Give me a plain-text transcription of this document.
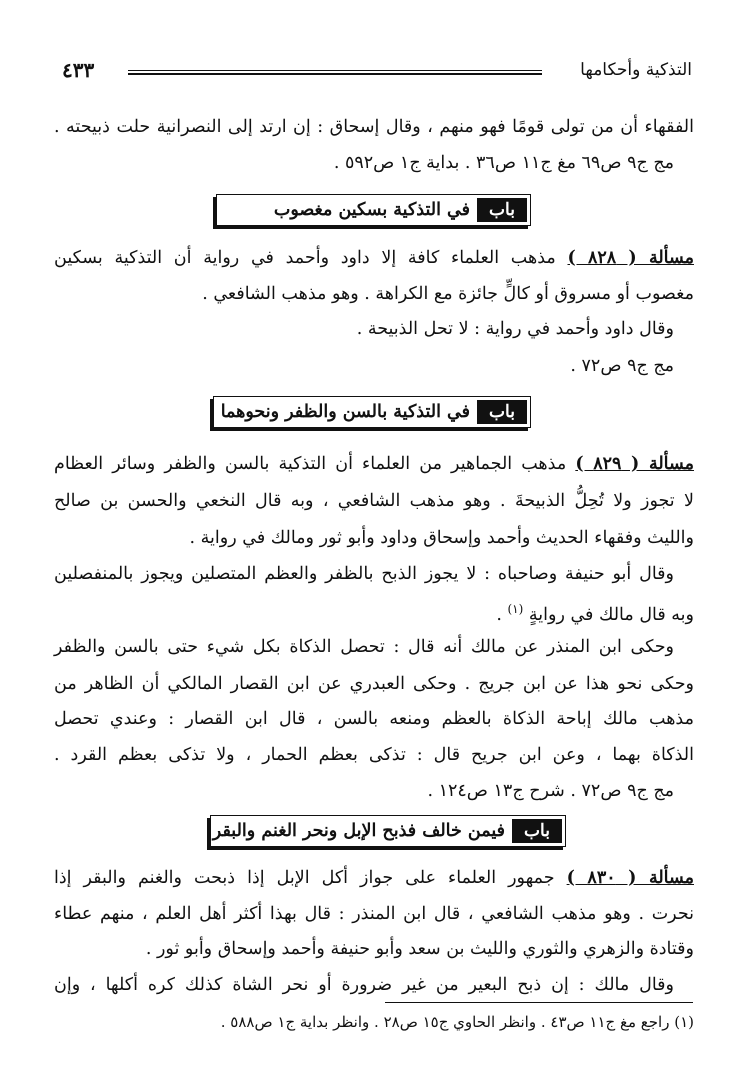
التذكية وأحكامها
٤٣٣
الفقهاء أن من تولى قومًا فهو منهم ، وقال إسحاق : إن ارتد إلى النصرانية حلت ذبيحته .
مج ج٩ ص٦٩ مغ ج١١ ص٣٦ . بداية ج١ ص٥٩٢ .
باب
في التذكية بسكين مغصوب
مسألة ( ٨٢٨ ) مذهب العلماء كافة إلا داود وأحمد في رواية أن التذكية بسكين
مغصوب أو مسروق أو كالٍّ جائزة مع الكراهة . وهو مذهب الشافعي .
وقال داود وأحمد في رواية : لا تحل الذبيحة .
مج ج٩ ص٧٢ .
باب
في التذكية بالسن والظفر ونحوهما
مسألة ( ٨٢٩ ) مذهب الجماهير من العلماء أن التذكية بالسن والظفر وسائر العظام
لا تجوز ولا تُحِلُّ الذبيحةَ . وهو مذهب الشافعي ، وبه قال النخعي والحسن بن صالح
والليث وفقهاء الحديث وأحمد وإسحاق وداود وأبو ثور ومالك في رواية .
وقال أبو حنيفة وصاحباه : لا يجوز الذبح بالظفر والعظم المتصلين ويجوز بالمنفصلين
وبه قال مالك في روايةٍ $^{(١)}$ .
وحكى ابن المنذر عن مالك أنه قال : تحصل الذكاة بكل شيء حتى بالسن والظفر
وحكى نحو هذا عن ابن جريج . وحكى العبدري عن ابن القصار المالكي أن الظاهر من
مذهب مالك إباحة الذكاة بالعظم ومنعه بالسن ، قال ابن القصار : وعندي تحصل
الذكاة بهما ، وعن ابن جريح قال : تذكى بعظم الحمار ، ولا تذكى بعظم القرد .
مج ج٩ ص٧٢ . شرح ج١٣ ص١٢٤ .
باب
فيمن خالف فذبح الإبل ونحر الغنم والبقر
مسألة ( ٨٣٠ ) جمهور العلماء على جواز أكل الإبل إذا ذبحت والغنم والبقر إذا
نحرت . وهو مذهب الشافعي ، قال ابن المنذر : قال بهذا أكثر أهل العلم ، منهم عطاء
وقتادة والزهري والثوري والليث بن سعد وأبو حنيفة وأحمد وإسحاق وأبو ثور .
وقال مالك : إن ذبح البعير من غير ضرورة أو نحر الشاة كذلك كره أكلها ، وإن
(١) راجع مغ ج١١ ص٤٣ . وانظر الحاوي ج١٥ ص٢٨ . وانظر بداية ج١ ص٥٨٨ .
